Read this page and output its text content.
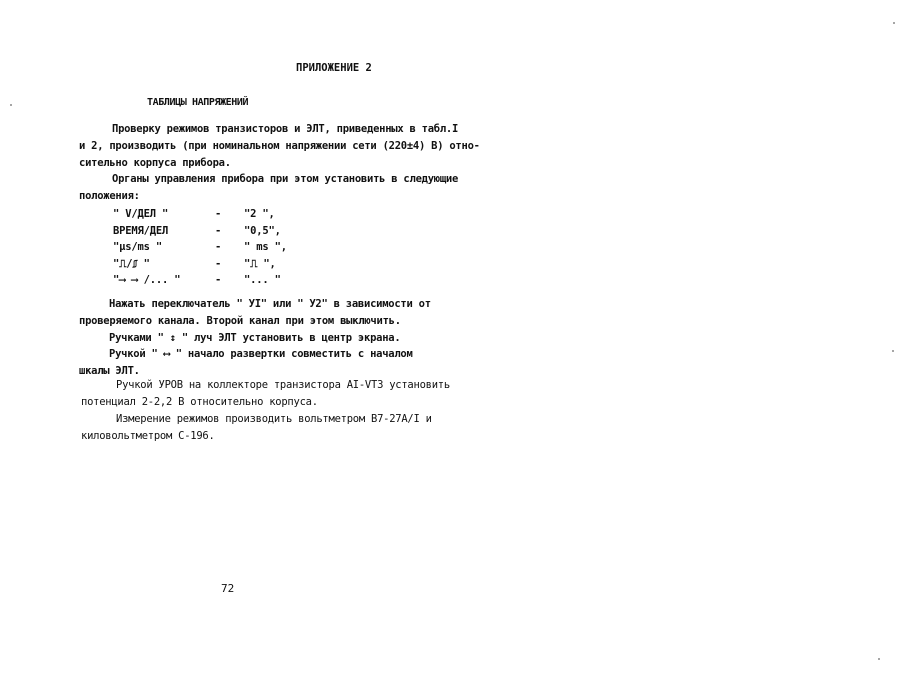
ПРИЛОЖЕНИЕ 2
ТАБЛИЦЫ НАПРЯЖЕНИЙ
Проверку режимов транзисторов и ЭЛТ, приведенных в табл.I
и 2, производить (при номинальном напряжении сети (220±4) В) отно-
сительно корпуса прибора.
Органы управления прибора при этом установить в следующие
положения:
" V/ДЕЛ "	- "2 ",
ВРЕМЯ/ДЕЛ	- "0,5",
"µs/ms "	- " ms ",
"⎍/⎎ "	- "⎍ ",
"⟶ ⟶ /... "	- "... "
Нажать переключатель " УI" или " У2" в зависимости от
проверяемого канала. Второй канал при этом выключить.
Ручками " ↕ " луч ЭЛТ установить в центр экрана.
Ручкой " ⟷ " начало развертки совместить с началом
шкалы ЭЛТ.
Ручкой УРОВ на коллекторе транзистора АI-VТЗ установить
потенциал 2-2,2 В относительно корпуса.
Измерение режимов производить вольтметром В7-27А/I и
киловольтметром С-196.
72
